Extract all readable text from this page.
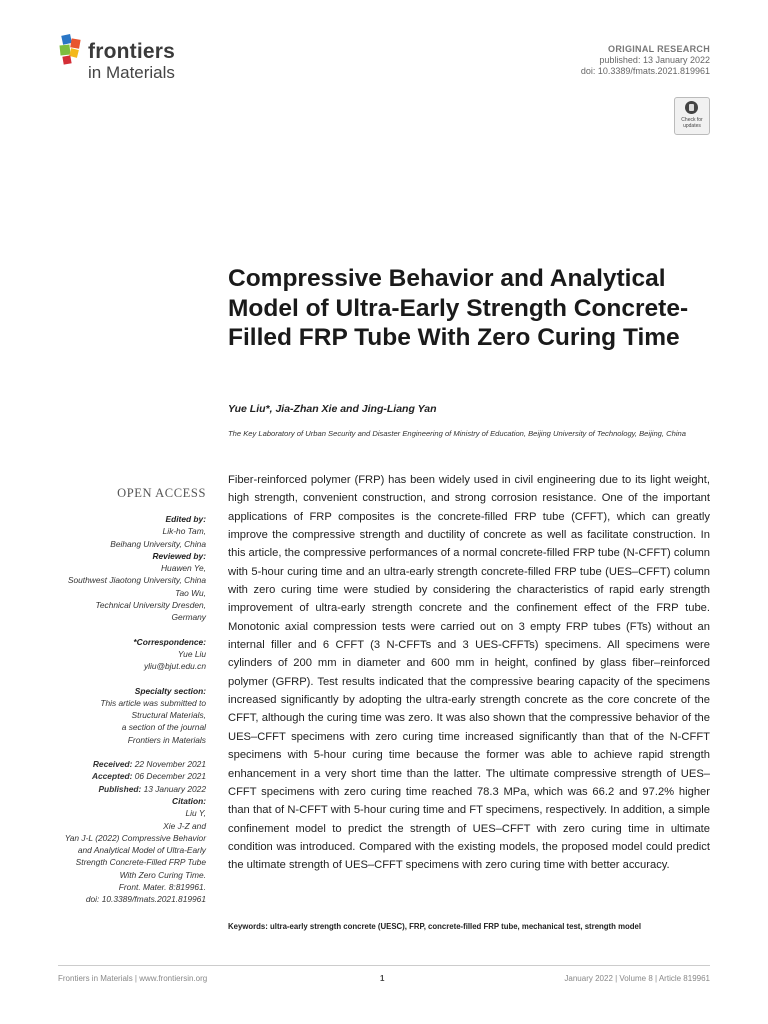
frontiers
in Materials
ORIGINAL RESEARCH
published: 13 January 2022
doi: 10.3389/fmats.2021.819961
Check for updates
Compressive Behavior and Analytical Model of Ultra-Early Strength Concrete-Filled FRP Tube With Zero Curing Time
Yue Liu*, Jia-Zhan Xie and Jing-Liang Yan
The Key Laboratory of Urban Security and Disaster Engineering of Ministry of Education, Beijing University of Technology, Beijing, China
OPEN ACCESS
Edited by:
Lik-ho Tam,
Beihang University, China
Reviewed by:
Huawen Ye,
Southwest Jiaotong University, China
Tao Wu,
Technical University Dresden,
Germany
*Correspondence:
Yue Liu
yliu@bjut.edu.cn
Specialty section:
This article was submitted to
Structural Materials,
a section of the journal
Frontiers in Materials
Received: 22 November 2021
Accepted: 06 December 2021
Published: 13 January 2022
Citation:
Liu Y,
Xie J-Z and
Yan J-L (2022) Compressive Behavior
and Analytical Model of Ultra-Early
Strength Concrete-Filled FRP Tube
With Zero Curing Time.
Front. Mater. 8:819961.
doi: 10.3389/fmats.2021.819961

Fiber-reinforced polymer (FRP) has been widely used in civil engineering due to its light weight, high strength, convenient construction, and strong corrosion resistance. One of the important applications of FRP composites is the concrete-filled FRP tube (CFFT), which can greatly improve the compressive strength and ductility of concrete as well as facilitate construction. In this article, the compressive performances of a normal concrete-filled FRP tube (N-CFFT) column with 5-hour curing time and an ultra-early strength concrete-filled FRP tube (UES–CFFT) column with zero curing time were studied by considering the characteristics of rapid early strength improvement of ultra-early strength concrete and the confinement effect of the FRP tube. Monotonic axial compression tests were carried out on 3 empty FRP tubes (FTs) without an internal filler and 6 CFFT (3 N-CFFTs and 3 UES-CFFTs) specimens. All specimens were cylinders of 200 mm in diameter and 600 mm in height, confined by glass fiber–reinforced polymer (GFRP). Test results indicated that the compressive bearing capacity of the specimens increased significantly by adopting the ultra-early strength concrete as the core concrete of the CFFT, although the curing time was zero. It was also shown that the compressive behavior of the UES–CFFT specimens with zero curing time increased significantly than that of the N-CFFT specimens with 5-hour curing time because the former was able to achieve rapid strength enhancement in a very short time than the latter. The ultimate compressive strength of UES–CFFT specimens with zero curing time reached 78.3 MPa, which was 66.2 and 97.2% higher than that of N-CFFT with 5-hour curing time and FT specimens, respectively. In addition, a simple confinement model to predict the strength of UES–CFFT with zero curing time in ultimate condition was introduced. Compared with the existing models, the proposed model could predict the ultimate strength of UES–CFFT specimens with zero curing time with better accuracy.

Keywords: ultra-early strength concrete (UESC), FRP, concrete-filled FRP tube, mechanical test, strength model
Frontiers in Materials | www.frontiersin.org	1	January 2022 | Volume 8 | Article 819961
